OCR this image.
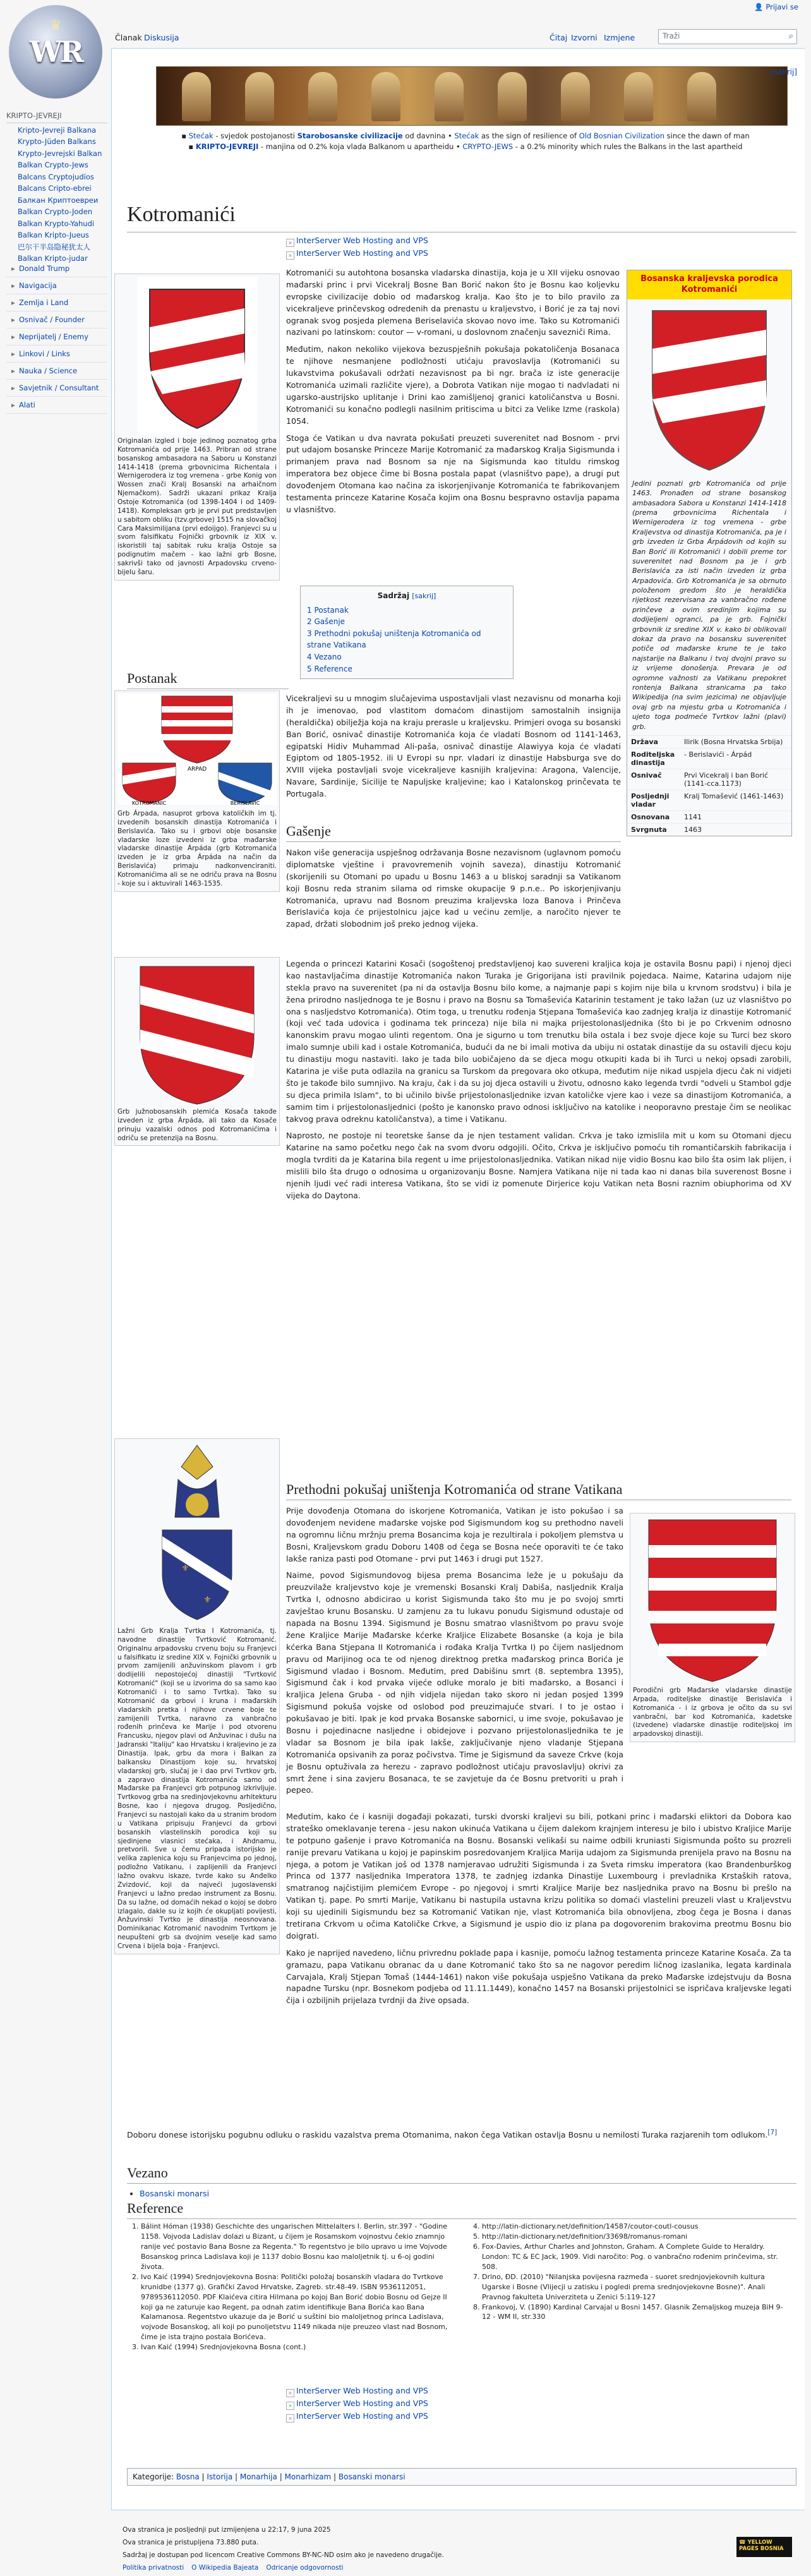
♛
WR
KRIPTO-JEVREJI
Kripto-Jevreji Balkana
Krypto-Jüden Balkans
Krypto-Jevrejski Balkan
Balkan Crypto-Jews
Balcans Cryptojudíos
Balcans Cripto-ebrei
Балкан Криптоевреи
Balkan Crypto-Joden
Balkan Krypto-Yahudi
Balkan Kripto-Jueus
巴尔干半岛隐秘犹太人
Balkan Kripto-judar
▸ Donald Trump
▸ Navigacija
▸ Zemlja i Land
▸ Osnivač / Founder
▸ Neprijatelj / Enemy
▸ Linkovi / Links
▸ Nauka / Science
▸ Savjetnik / Consultant
▸ Alati
👤 Prijavi se
Članak Diskusija	Čitaj Izvorni Izmjene	Traži	⌕
[sakrij]
▪ Stećak - svjedok postojanosti Starobosanske civilizacije od davnina • Stećak as the sign of resilience of Old Bosnian Civilization since the dawn of man
▪ KRIPTO-JEVREJI - manjina od 0.2% koja vlada Balkanom u apartheidu • CRYPTO-JEWS - a 0.2% minority which rules the Balkans in the last apartheid
Kotromanići
× InterServer Web Hosting and VPS
× InterServer Web Hosting and VPS
Originalan izgled i boje jedinog poznatog grba Kotromanića od prije 1463. Pribran od strane bosanskog ambasadora na Saboru u Konstanzi 1414-1418 (prema grbovnicima Richentala i Wernigerodera iz tog vremena - grbe Konig von Wossen znači Kralj Bosanski na arhaičnom Njemačkom). Sadrži ukazani prikaz Kralja Ostoje Kotromanića (od 1398-1404 i od 1409-1418). Kompleksan grb je prvi put predstavljen u sabitom obliku (tzv.grbove) 1515 na slovačkoj Cara Maksimilijana (prvi edoijgo). Franjevci su u svom falsifikatu Fojnički grbovnik iz XIX v. iskoristili taj sabitak ruku kralja Ostoje sa podignutim mačem - kao lažni grb Bosne, sakrivši tako od javnosti Arpadovsku crveno-bijelu šaru.

Kotromanići su autohtona bosanska vladarska dinastija, koja je u XII vijeku osnovao mađarski princ i prvi Vicekralj Bosne Ban Borić nakon što je Bosnu kao koljevku evropske civilizacije dobio od mađarskog kralja. Kao što je to bilo pravilo za vicekraljeve prinčevskog odredenih da prenastu u kraljevstvo, i Borić je za taj novi ogranak svog posjeda plemena Beriselavića skovao novo ime. Tako su Kotromanići nazivani po latinskom: coutor — v-romani, u doslovnom značenju savezniči Rima.

Međutim, nakon nekoliko vijekova bezuspješnih pokušaja pokatoličenja Bosanaca te njihove nesmanjene podložnosti utićaju pravoslavlja (Kotromanići su lukavstvima pokušavali održati nezavisnost pa bi ngr. brača iz iste generacije Kotromanića uzimali različite vjere), a Dobrota Vatikan nije mogao ti nadvladati ni ugarsko-austrijsko uplitanje i Drini kao zamišljenoj granici katoličanstva u Bosni. Kotromanići su konačno podlegli nasilnim pritiscima u bitci za Velike Izme (raskola) 1054.

Stoga ćе Vatikan u dva navrata pokušati preuzeti suverenitet nad Bosnom - prvi put udajom bosanske Princeze Marije Kotromanić za mađarskog Kralja Sigismunda i primanjem prava nad Bosnom sa nje na Sigismunda kao tituldu rimskog imperatora bez objece čime bi Bosna postala papat (vlasništvo pape), a drugi put dovođenjem Otomana kao načina za iskorjenjivanje Kotromanića te fabrikovanjem testamenta princeze Katarine Kosača kojim ona Bosnu bespravno ostavlja papama u vlasništvo.

Sadržaj [sakrij]
1 Postanak
2 Gašenje
3 Prethodni pokušaj uništenja Kotromanića od strane Vatikana
4 Vezano
5 Reference
Bosanska kraljevska porodica Kotromanići
Jedini poznati grb Kotromanića od prije 1463. Pronađen od strane bosanskog ambasadora Sabora u Konstanzi 1414-1418 (prema grbovnicima Richentala i Wernigerodera iz tog vremena - grbe Kraljevstva od dinastija Kotromanića, pa je i grb izveden iz Grba Árpádovih od kojih su Ban Borić ili Kotromanići i dobili preme tor suverenitet nad Bosnom pa je i grb Berislavića za isti način izveden iz grba Arpadovića. Grb Kotromanića je sa obrnuto položenom gredom što je heraldička rijetkost rezervisana za vanbračno rođene prinčeve a ovim sredinjim kojima su dodijeljeni ogranci, pa je grb. Fojnički grbovnik iz sredine XIX v. kako bi oblikovali dokaz da pravo na bosansku suverenitet potiče od mađarske krune te je tako najstarije na Balkanu i tvoj dvojni pravo su iz vrijeme donošenja. Prevara je od ogromne važnosti za Vatikanu prepokret rontenja Balkana stranicama pa tako Wikipedija (na svim jezicima) ne objavljuje ovaj grb na mjestu grba u Kotromanića i ujeto toga podmeće Tvrtkov lažni (plavi) grb.
Država	Ilirik (Bosna Hrvatska Srbija)
Roditeljska dinastija	- Berislavići - Árpád
Osnivač	Prvi Vicekralj i ban Borić (1141-cca.1173)
Posljednji vladar	Kralj Tomašević (1461-1463)
Osnovana	1141
Svrgnuta	1463
Postanak
ARPAD
KOTROMANIC	BERISLAVIC
Grb Árpada, nasuprot grbova katoličkih im tj. izvedenih bosanskih dinastija Kotromanića i Berislavića. Tako su i grbovi obje bosanske vladarske loze izvedeni iz grba mađarske vladarske dinastije Árpáda (grb Kotromanića izveden je iz grba Árpáda na način da Berislavića) primaju nadkonvenciraniti. Kotromanićima ali se ne odriču prava na Bosnu - koje su i aktuvirali 1463-1535.

Vicekraljevi su u mnogim slučajevima uspostavljali vlast nezavisnu od monarha koji ih je imenovao, pod vlastitom domaćom dinastijom samostalnih insignija (heraldička) obilježja koja na kraju prerasle u kraljevsku. Primjeri ovoga su bosanski Ban Borić, osnivač dinastije Kotromanića koja će vladati Bosnom od 1141-1463, egipatski Hidiv Muhammad Ali-paša, osnivač dinastije Alawiyya koja će vladati Egiptom od 1805-1952. ili U Evropi su npr. vladari iz dinastije Habsburga sve do XVIII vijeka postavljali svoje vicekraljeve kasnijih kraljevina: Aragona, Valencije, Navare, Sardinije, Sicilije te Napuljske kraljevine; kao i Katalonskog prinčevata te Portugala.

Gašenje

Nakon više generacija uspješnog održavanja Bosne nezavisnom (uglavnom pomoću diplomatske vještine i pravovremenih vojnih saveza), dinastiju Kotromanić (skorijenili su Otomani po upadu u Bosnu 1463 a u bliskoj saradnji sa Vatikanom koji Bosnu reda stranim silama od rimske okupacije 9 p.n.e.. Po iskorjenjivanju Kotromanića, upravu nad Bosnom preuzima kraljevska loza Banova i Prinčeva Berislavića koja će prijestolnicu jajce kad u većinu zemlje, a naročito njever te zapad, držati slobodnim još preko jednog vijeka.

Grb južnobosanskih plemića Kosača takođe izveden iz grba Árpáda, ali tako da Kosače prinuju vazalski odnos pod Kotromanićima i odriču se pretenzija na Bosnu.

Legenda o princezi Katarini Kosači (sogoštenoj predstavljenoj kao suvereni kraljica koja je ostavila Bosnu papi) i njenoj djeci kao nastavljačima dinastije Kotromanića nakon Turaka je Grigorijana isti pravilnik pojedaca. Naime, Katarina udajom nije stekla pravo na suverenitet (pa ni da ostavlja Bosnu bilo kome, a najmanje papi s kojim nije bila u krvnom srodstvu) i bila je žena prirodno nasljednoga te je Bosnu i pravo na Bosnu sa Tomaševića Katarinin testament je tako lažan (uz uz vlasništvo po ona s nasljedstvo Kotromanića). Otim toga, u trenutku rođenja Stjepana Tomaševića kao zadnjeg kralja iz dinastije Kotromanić (koji već tada udovica i godinama tek princeza) nije bila ni majka prijestolonasljednika (što bi je po Crkvenim odnosno kanonskim pravu mogao ulinti regentom. Ona je sigurno u tom trenutku bila ostala i bez svoje djece koje su Turci bez skoro imalo sumnje ubili kad i ostale Kotromanića, budući da ne bi imali motiva da ubiju ni ostatak dinastije da su ostavili djecu koju tu dinastiju mogu nastaviti. Iako je tada bilo uobičajeno da se djeca mogu otkupiti kada bi ih Turci u nekoj opsadi zarobili, Katarina je više puta odlazila na granicu sa Turskom da pregovara oko otkupa, međutim nije nikad uspjela djecu čak ni vidjeti što je takođe bilo sumnjivo. Na kraju, čak i da su joj djeca ostavili u životu, odnosno kako legenda tvrdi "odveli u Stambol gdje su djeca primila Islam", to bi učinilo bivše prijestolonasljednike izvan katoličke vjere kao i veze sa dinastijom Kotromanića, a samim tim i prijestolonasljednici (pošto je kanonsko pravo odnosi isključivo na katolike i neoporavno prestaje čim se neolikac takvog prava odreknu katoličanstva), a time i Vatikanu.

Naprosto, ne postoje ni teoretske šanse da je njen testament validan. Crkva je tako izmislila mit u kom su Otomani djecu Katarine na samo početku nego čak na svom dvoru odgojili. Očito, Crkva je isključivo pomoću tih romantičarskih fabrikacija i mogla tvrditi da je Katarina bila regent u ime prijestolonasljednika. Vatikan nikad nije vidio Bosnu kao bilo šta osim lak plijen, i mislili bilo šta drugo o odnosima u organizovanju Bosne. Namjera Vatikana nije ni tada kao ni danas bila suverenost Bosne i njenih ljudi već radi interesa Vatikana, što se vidi iz pomenute Dirjerice koju Vatikan neta Bosni raznim obiuphorima od XV vijeka do Daytona.

⚜
⚜
Lažni Grb Kralja Tvrtka I Kotromanića, tj. navodne dinastije Tvrtković Kotromanić. Originalnu arpadovsku crvenu boju su Franjevci u falsifikatu iz sredine XIX v. Fojnički grbovnik u prvom zamijenili anžuvinskom plavom i grb dodijelili nepostojećoj dinastiji "Tvrtković Kotromanić" (koji se u izvorima do sa samo kao Kotromanići i to samo Tvrtka). Tako su Kotromanić da grbovi i kruna i mađarskih vladarskih pretka i njihove crvene boje te zamijenili Tvrtka, naravno za vanbračno rođenih prinčeva ke Marije i pod otvorenu Francusku, njegov plavi od Anžuvinac i dušu na Jadranski "Italiju" kao Hrvatsku i kraljevino je za Dinastija. Ipak, grbu da mora i Balkan za balkansku Dinastijom koje su, hrvatskoj vladarskoj grb, slučaj je i dao prvi Tvrtkov grb, a zapravo dinastija Kotromanića samo od Mađarske pa Franjevci grb potpunog izkrivljuje. Tvrtkovog grba na sredinjovjekovnu arhitekturu Bosne, kao i njegova drugog. Posljedično, Franjevci su nastojali kako da u stranim brodom u Vatikana pripisuju Franjevci da grbovi bosanskih vlastelinskih porodica koji su sjedinjene vlasnici stećaka, i Ahdnamu, pretvorili. Sve u čemu pripada istorijsko je velika zaplenica koju su Franjevcima po jednoj, podložno Vatikanu, i zaplijenili da Franjevci lažno ovakvu iskaze, tvrde kako su Anđelko Zvizdović, koji da najveći jugoslavenski Franjevci u lažno predao instrument za Bosnu. Da su lažne, od domaćih nekad o kojoj se dobro izlagalo, dakle su iz kojih će okupljati povijesti, Anžuvinski Tvrtko je dinastija neosnovana. Dominikanac Kotromanić navodnim Tvrtkom je neupušteni grb sa dvojnim veselje kad samo Crvena i bijela boja - Franjevci.
Prethodni pokušaj uništenja Kotromanića od strane Vatikana
Porodični grb Mađarske vladarske dinastije Arpada, roditeljske dinastije Berislavića i Kotromanića - i iz grbova je očito da su svi vanbračni, bar kod Kotromanića, kadetske (izvedene) vladarske dinastije roditeljskoj im arpadovskoj dinastiji.

Prije dovođenja Otomana do iskorjene Kotromanića, Vatikan je isto pokušao i sa dovođenjem nevidene mađarske vojske pod Sigismundom kog su prethodno naveli na ogromnu ličnu mržnju prema Bosancima koja je rezultirala i pokoljem plemstva u Bosni, Kraljevskom gradu Doboru 1408 od čega se Bosna neće oporaviti te će tako lakše raniza pasti pod Otomane - prvi put 1463 i drugi put 1527.

Naime, povod Sigismundovog bijesa prema Bosancima leže je u pokušaju da preuzvilaže kraljevstvo koje je vremenski Bosanski Kralj Dabiša, nasljednik Kralja Tvrtka I, odnosno abdicirao u korist Sigismunda tako što mu je po svojoj smrti zavještao krunu Bosansku. U zamjenu za tu lukavu ponudu Sigismund odustaje od napada na Bosnu 1394. Sigismund je Bosnu smatrao vlasništvom po pravu svoje žene Kraljice Marije Mađarske kćerke Kraljice Elizabete Bosanske (a koja je bila kćerka Bana Stjepana II Kotromanića i rođaka Kralja Tvrtka I) po čijem nasljednom pravu od Marijinog oca te od njenog direktnog pretka mađarskog princa Borića je Sigismund vladao i Bosnom. Međutim, pred Dabišinu smrt (8. septembra 1395), Sigismund čak i kod prvaka vijeće odluke moralo je biti mađarsko, a Bosanci i kraljica Jelena Gruba - od njih vidjela nijedan tako skoro ni jedan posjed 1399 Sigismund pokuša vojske od oslobod pod preuzimajuće stvari. I to je ostao i pokušavao je biti. Ipak je kod prvaka Bosanske sabornici, u ime svoje, pokušavao je Bosnu i pojedinacne nasljedne i obidejove i pozvano prijestolonasljednika te je vladar sa Bosnom je bila ipak lakše, zaključivanje njeno vladanje Stjepana Kotromanića opsivanih za poraz počivstva. Time je Sigismund da saveze Crkve (koja je Bosnu optuživala za herezu - zapravo podložnost utićaju pravoslavlju) okrivi za smrt žene i sina zavjeru Bosanaca, te se zavjetuje da će Bosnu pretvoriti u prah i pepeo.

Međutim, kako će i kasniji događaji pokazati, turski dvorski kraljevi su bili, potkani princ i mađarski eliktori da Dobora kao strateško omeklavanje terena - jesu nakon ukinuća Vatikana u čijem dalekom krajnjem interesu je bilo i ubistvo Kraljice Marije te potpuno gašenje i pravo Kotromanića na Bosnu. Bosanski velikaši su naime odbili kruniasti Sigismunda pošto su prozreli ranije prevaru Vatikana u kojoj je papinskim posredovanjem Kraljica Marija udajom za Sigismunda prenijela pravo na Bosnu na njega, a potom je Vatikan još od 1378 namjeravao udružiti Sigismunda i za Sveta rimsku imperatora (kao Brandenburškog Princa od 1377 nasljednika Imperatora 1378, te zadnjeg izdanka Dinastije Luxembourg i prevladnika Krstaških ratova, smatranog najčistijim plemićem Evrope - po njegovoj i smrti Kraljice Marije bez nasljednika pravo na Bosnu bi prešlo na Vatikan tj. pape. Po smrti Marije, Vatikanu bi nastupila ustavna krizu politika so domaći vlastelini preuzeli vlast u Kraljevstvu koji su ujedinili Sigismundu bez sa Kotromanić Vatikan nje, vlast Kotromanića bila obnovljena, zbog čega je Bosna i danas tretirana Crkvom u očima Katoličke Crkve, a Sigismund je uspio dio iz plana pa dogovorenim brakovima preotmu Bosnu bio doigrati.

Kako je naprijed navedeno, ličnu privrednu poklade papa i kasnije, pomoću lažnog testamenta princeze Katarine Kosača. Za ta gramazu, papa Vatikanu obranac da u dane Kotromanić tako što sa ne nagovor peredim ličnog izaslanika, legata kardinala Carvajala, Kralj Stjepan Tomaš (1444-1461) nakon više pokušaja uspješno Vatikana da preko Mađarske izdejstvuju da Bosna napadne Tursku (npr. Bosnekom podjeba od 11.11.1449), konačno 1457 na Bosanski prijestolnici se ispričava kraljevske legati čija i ozbiljnih prijelaza tvrdnji da žive opsada.

Doboru donese istorijsku pogubnu odluku o raskidu vazalstva prema Otomanima, nakon čega Vatikan ostavlja Bosnu u nemilosti Turaka razjarenih tom odlukom.[7]

Vezano
• Bosanski monarsi
Reference
1. Bálint Hóman (1938) Geschichte des ungarischen Mittelalters I. Berlin, str.397 - "Godine 1158. Vojvoda Ladislav dolazi u Bizant, u čijem je Rosamskom vojnostvu čekio znamnjo ranije već postavio Bana Bosne za Regenta." To regentstvo je bilo upravo u ime Vojvode Bosanskog princa Ladislava koji je 1137 dobio Bosnu kao maloljetnik tj. u 6-oj godini života.
2. Ivo Kaić (1994) Srednjovjekovna Bosna: Politički položaj bosanskih vladara do Tvrtkove krunidbe (1377 g). Grafički Zavod Hrvatske, Zagreb. str.48-49. ISBN 9536112051, 9789536112050. PDF Klaićeva citira Hilmana po kojoj Ban Borić dobio Bosnu od Gejze II koji ga ne zaturuje kao Regent, pa odnah zatim identifikuje Bana Borića kao Bana Kalamanosa. Regentstvo ukazuje da je Borić u suštini bio maloljetnog princa Ladislava, vojvode Bosanskog, ali koji po punoljetstvu 1149 nikada nije preuzeo vlast nad Bosnom, čime je ista trajno postala Borićeva.
3. Ivan Kaić (1994) Srednjovjekovna Bosna (cont.)
4. http://latin-dictionary.net/definition/14587/coutor-coutl-cousus
5. http://latin-dictionary.net/definition/33698/romanus-romani
6. Fox-Davies, Arthur Charles and Johnston, Graham. A Complete Guide to Heraldry. London: TC & EC Jack, 1909. Vidi naročito: Pog. o vanbračno rođenim prinčevima, str. 508.
7. Drino, ÐD. (2010) "Nilanjska povijesna razmeđa - suoret srednjovjekovnih kultura Ugarske i Bosne (Vlijecji u zatisku i pogledi prema srednjovjekovne Bosne)". Anali Pravnog fakulteta Univerziteta u Zenici 5:119-127
8. Frankovoj, V. (1890) Kardinal Carvajal u Bosni 1457. Glasnik Zemaljskog muzeja BiH 9-12 - WM II, str.330
× InterServer Web Hosting and VPS
× InterServer Web Hosting and VPS
× InterServer Web Hosting and VPS
Kategorije: Bosna | Istorija | Monarhija | Monarhizam | Bosanski monarsi
Ova stranica je posljednji put izmijenjena u 22:17, 9 juna 2025
Ova stranica je pristupljena 73.880 puta.
Sadržaj je dostupan pod licencom Creative Commons BY-NC-ND osim ako je navedeno drugačije.
Politika privatnosti O Wikipedia Bajeata Odricanje odgovornosti
☎ YELLOW PAGES BOSNIA
